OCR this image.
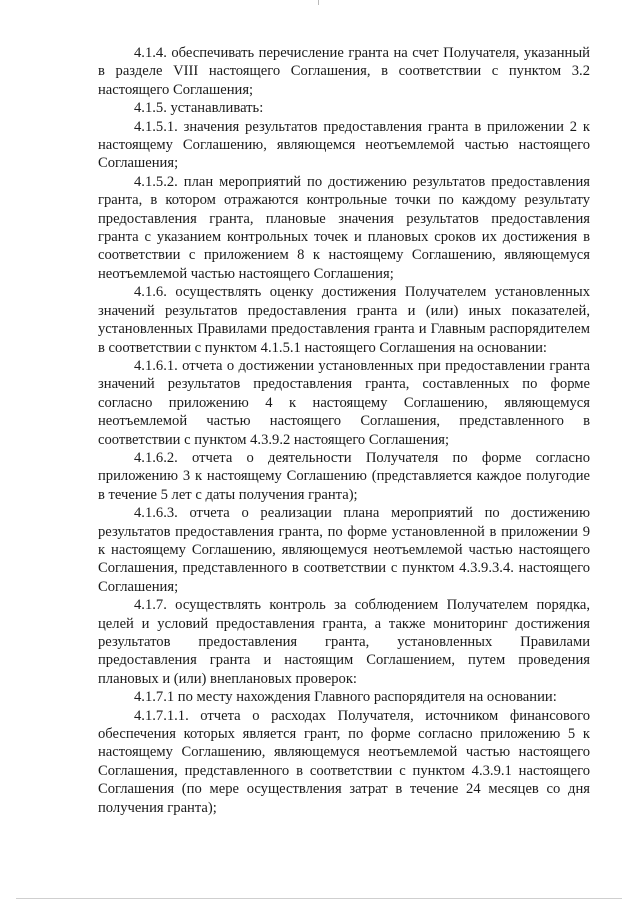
4.1.4. обеспечивать перечисление гранта на счет Получателя, указанный в разделе VIII настоящего Соглашения, в соответствии с пунктом 3.2 настоящего Соглашения;

4.1.5. устанавливать:

4.1.5.1. значения результатов предоставления гранта в приложении 2 к настоящему Соглашению, являющемся неотъемлемой частью настоящего Соглашения;

4.1.5.2. план мероприятий по достижению результатов предоставления гранта, в котором отражаются контрольные точки по каждому результату предоставления гранта, плановые значения результатов предоставления гранта с указанием контрольных точек и плановых сроков их достижения в соответствии с приложением 8 к настоящему Соглашению, являющемуся неотъемлемой частью настоящего Соглашения;

4.1.6. осуществлять оценку достижения Получателем установленных значений результатов предоставления гранта и (или) иных показателей, установленных Правилами предоставления гранта и Главным распорядителем в соответствии с пунктом 4.1.5.1 настоящего Соглашения на основании:

4.1.6.1. отчета о достижении установленных при предоставлении гранта значений результатов предоставления гранта, составленных по форме согласно приложению 4 к настоящему Соглашению, являющемуся неотъемлемой частью настоящего Соглашения, представленного в соответствии с пунктом 4.3.9.2 настоящего Соглашения;

4.1.6.2. отчета о деятельности Получателя по форме согласно приложению 3 к настоящему Соглашению (представляется каждое полугодие в течение 5 лет с даты получения гранта);

4.1.6.3. отчета о реализации плана мероприятий по достижению результатов предоставления гранта, по форме установленной в приложении 9 к настоящему Соглашению, являющемуся неотъемлемой частью настоящего Соглашения, представленного в соответствии с пунктом 4.3.9.3.4. настоящего Соглашения;

4.1.7. осуществлять контроль за соблюдением Получателем порядка, целей и условий предоставления гранта, а также мониторинг достижения результатов предоставления гранта, установленных Правилами предоставления гранта и настоящим Соглашением, путем проведения плановых и (или) внеплановых проверок:

4.1.7.1 по месту нахождения Главного распорядителя на основании:

4.1.7.1.1. отчета о расходах Получателя, источником финансового обеспечения которых является грант, по форме согласно приложению 5 к настоящему Соглашению, являющемуся неотъемлемой частью настоящего Соглашения, представленного в соответствии с пунктом 4.3.9.1 настоящего Соглашения (по мере осуществления затрат в течение 24 месяцев со дня получения гранта);
